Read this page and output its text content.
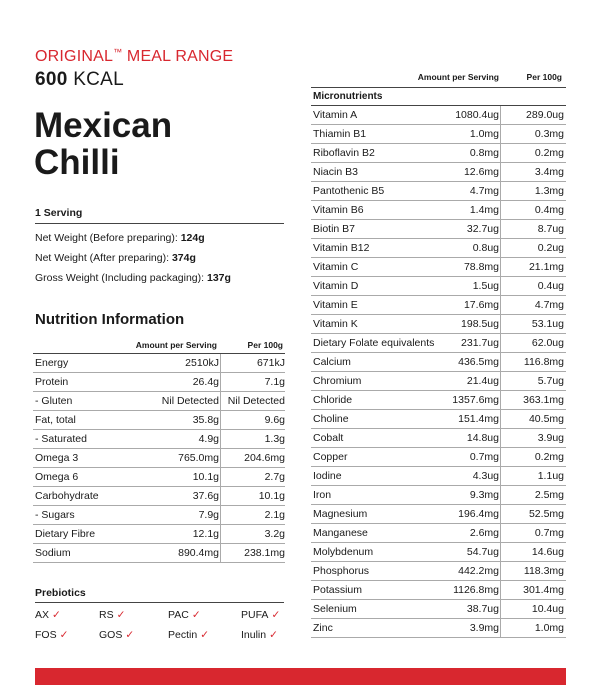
ORIGINAL™ MEAL RANGE
600 KCAL
Mexican
Chilli
1 Serving
Net Weight (Before preparing): 124g
Net Weight (After preparing): 374g
Gross Weight (Including packaging): 137g
Nutrition Information
Amount per Serving	Per 100g
Energy	2510kJ	671kJ
Protein	26.4g	7.1g
- Gluten	Nil Detected Nil Detected
Fat, total	35.8g	9.6g
- Saturated	4.9g	1.3g
Omega 3	765.0mg 204.6mg
Omega 6	10.1g	2.7g
Carbohydrate	37.6g	10.1g
- Sugars	7.9g	2.1g
Dietary Fibre	12.1g	3.2g
Sodium	890.4mg 238.1mg
Amount per Serving	Per 100g
Micronutrients
Vitamin A	1080.4ug	289.0ug
Thiamin B1	1.0mg	0.3mg
Riboflavin B2	0.8mg	0.2mg
Niacin B3	12.6mg	3.4mg
Pantothenic B5	4.7mg	1.3mg
Vitamin B6	1.4mg	0.4mg
Biotin B7	32.7ug	8.7ug
Vitamin B12	0.8ug	0.2ug
Vitamin C	78.8mg	21.1mg
Vitamin D	1.5ug	0.4ug
Vitamin E	17.6mg	4.7mg
Vitamin K	198.5ug	53.1ug
Dietary Folate equivalents	231.7ug	62.0ug
Calcium	436.5mg 116.8mg
Chromium	21.4ug	5.7ug
Chloride	1357.6mg 363.1mg
Choline	151.4mg	40.5mg
Cobalt	14.8ug	3.9ug
Copper	0.7mg	0.2mg
Iodine	4.3ug	1.1ug
Iron	9.3mg	2.5mg
Magnesium	196.4mg	52.5mg
Manganese	2.6mg	0.7mg
Molybdenum	54.7ug	14.6ug
Phosphorus	442.2mg 118.3mg
Potassium	1126.8mg 301.4mg
Selenium	38.7ug	10.4ug
Zinc	3.9mg	1.0mg
Prebiotics
AX ✓	RS ✓	PAC ✓	PUFA ✓
FOS ✓	GOS ✓	Pectin ✓	Inulin ✓
